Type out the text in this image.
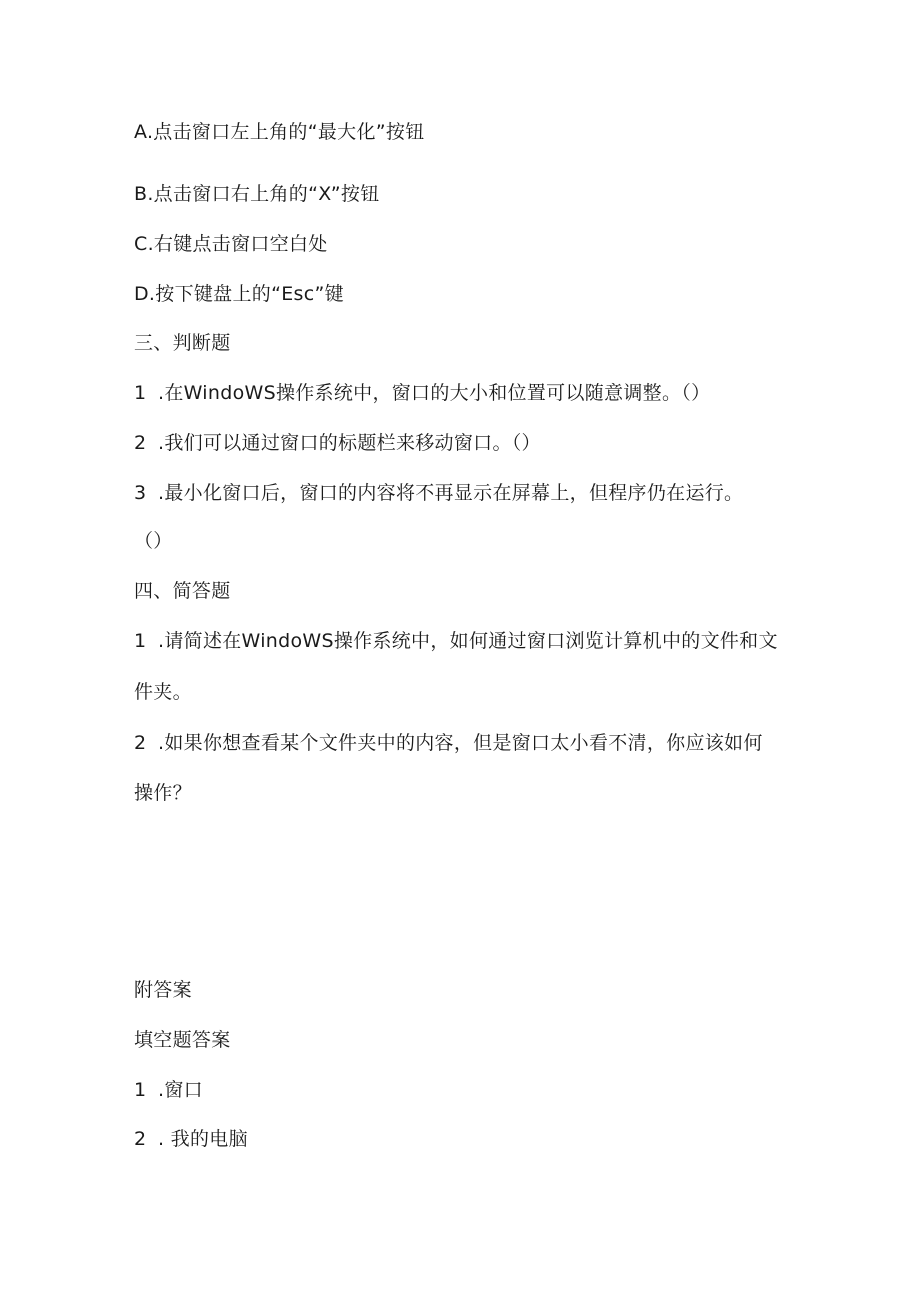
A.点击窗口左上角的“最大化”按钮
B.点击窗口右上角的“X”按钮
C.右键点击窗口空白处
D.按下键盘上的“Esc”键
三、判断题
1 .在WindoWS操作系统中，窗口的大小和位置可以随意调整。（）
2 .我们可以通过窗口的标题栏来移动窗口。（）
3 .最小化窗口后，窗口的内容将不再显示在屏幕上，但程序仍在运行。
（）
四、简答题
1 .请简述在WindoWS操作系统中，如何通过窗口浏览计算机中的文件和文
件夹。
2 .如果你想查看某个文件夹中的内容，但是窗口太小看不清，你应该如何
操作？
附答案
填空题答案
1 .窗口
2 . 我的电脑
